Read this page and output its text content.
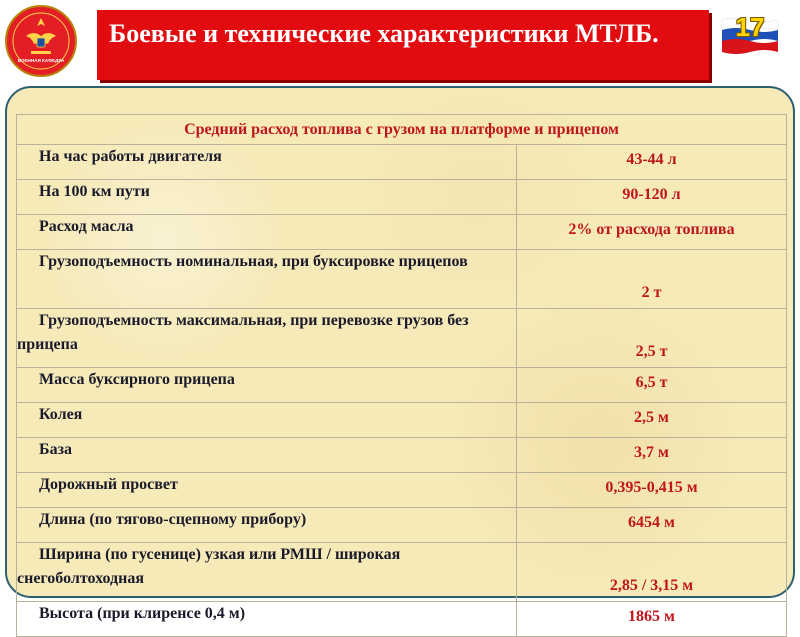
ВОЕННАЯ КАФЕДРА
Боевые и технические характеристики МТЛБ.	17
Средний расход топлива с грузом на платформе и прицепом	
На час работы двигателя	43-44 л
На 100 км пути	90-120 л
Расход масла	2% от расхода топлива
Грузоподъемность номинальная, при буксировке прицепов	2 т
Грузоподъемность максимальная, при перевозке грузов без прицепа	2,5 т
Масса буксирного прицепа	6,5 т
Колея	2,5 м
База	3,7 м
Дорожный просвет	0,395-0,415 м
Длина (по тягово-сцепному прибору)	6454 м
Ширина (по гусенице) узкая или РМШ / широкая снегоболтоходная	2,85 / 3,15 м
Высота (при клиренсе 0,4 м)	1865 м
